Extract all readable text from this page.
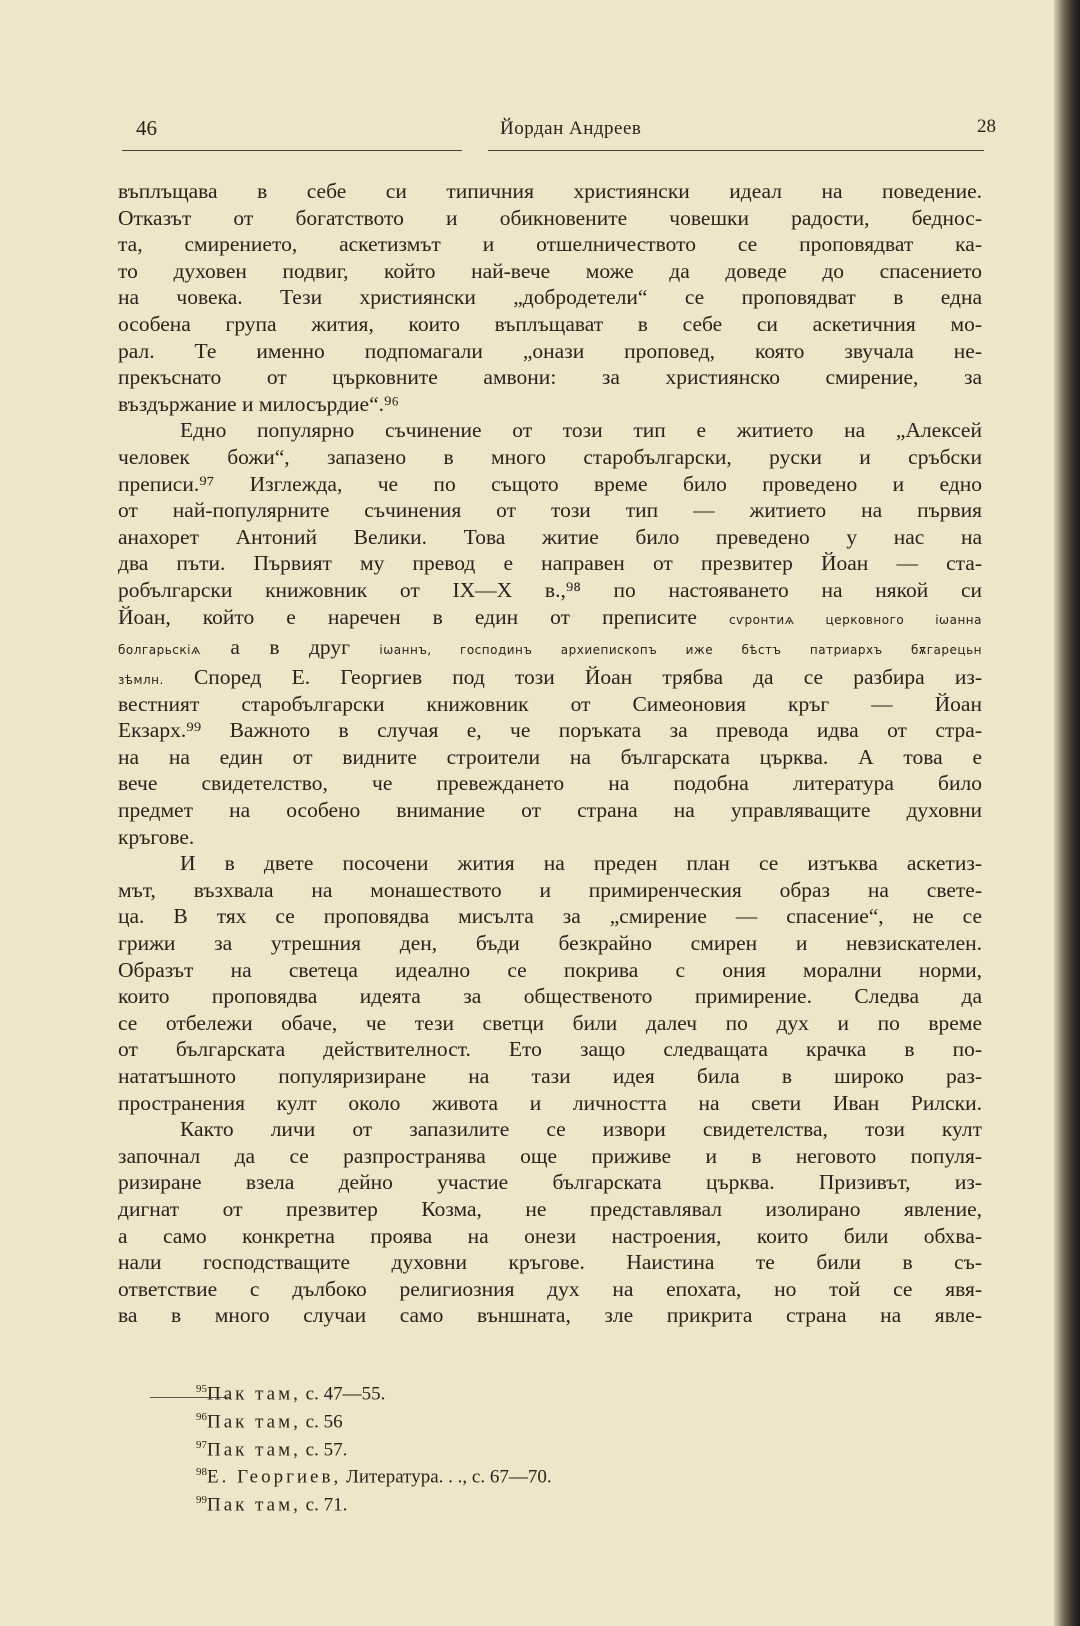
46	Йордан Андреев	28
въплъщава в себе си типичния християнски идеал на поведение.
Отказът от богатството и обикновените човешки радости, беднос-
та, смирението, аскетизмът и отшелничеството се проповядват ка-
то духовен подвиг, който най-вече може да доведе до спасението
на човека. Тези християнски „добродетели“ се проповядват в една
особена група жития, които въплъщават в себе си аскетичния мо-
рал. Те именно подпомагали „онази проповед, която звучала не-
прекъснато от църковните амвони: за християнско смирение, за
въздържание и милосърдие“.⁹⁶
Едно популярно съчинение от този тип е житието на „Алексей
человек божи“, запазено в много старобългарски, руски и сръбски
преписи.⁹⁷ Изглежда, че по същото време било проведено и едно
от най-популярните съчинения от този тип — житието на първия
анахорет Антоний Велики. Това житие било преведено у нас на
два пъти. Първият му превод е направен от презвитер Йоан — ста-
робългарски книжовник от IX—X в.,⁹⁸ по настояването на някой си
Йоан, който е наречен в един от преписите	сѵронтиѧ церковного іѡанна
болгарьскіѧ а в друг іѡаннъ, господинъ архиепископъ иже бѣстъ патриархъ бѫгарецьн
зѣмлн. Според Е. Георгиев под този Йоан трябва да се разбира из-
вестният старобългарски книжовник от Симеоновия кръг — Йоан
Екзарх.⁹⁹ Важното в случая е, че поръката за превода идва от стра-
на на един от видните строители на българската църква. А това е
вече свидетелство, че превеждането на подобна литература било
предмет на особено внимание от страна на управляващите духовни
кръгове.
И в двете посочени жития на преден план се изтъква аскетиз-
мът, възхвала на монашеството и примиренческия образ на свете-
ца. В тях се проповядва мисълта за „смирение — спасение“, не се
грижи за утрешния ден, бъди безкрайно смирен и невзискателен.
Образът на светеца идеално се покрива с ония морални норми,
които проповядва идеята за общественото примирение. Следва да
се отбележи обаче, че тези светци били далеч по дух и по време
от българската действителност. Ето защо следващата крачка в по-
нататъшното популяризиране на тази идея била в широко раз-
пространения култ около живота и личността на свети Иван Рилски.
Както личи от запазилите се извори свидетелства, този култ
започнал да се разпространява още приживе и в неговото популя-
ризиране взела дейно участие българската църква. Призивът, из-
дигнат от презвитер Козма, не представлявал изолирано явление,
а само конкретна проява на онези настроения, които били обхва-
нали господстващите духовни кръгове. Наистина те били в съ-
ответствие с дълбоко религиозния дух на епохата, но той се явя-
ва в много случаи само външната, зле прикрита страна на явле-
$^{95}$Пак там, с. 47—55.
$^{96}$Пак там, с. 56
$^{97}$Пак там, с. 57.
$^{98}$Е. Георгиев, Литература. . ., с. 67—70.
$^{99}$Пак там, с. 71.
